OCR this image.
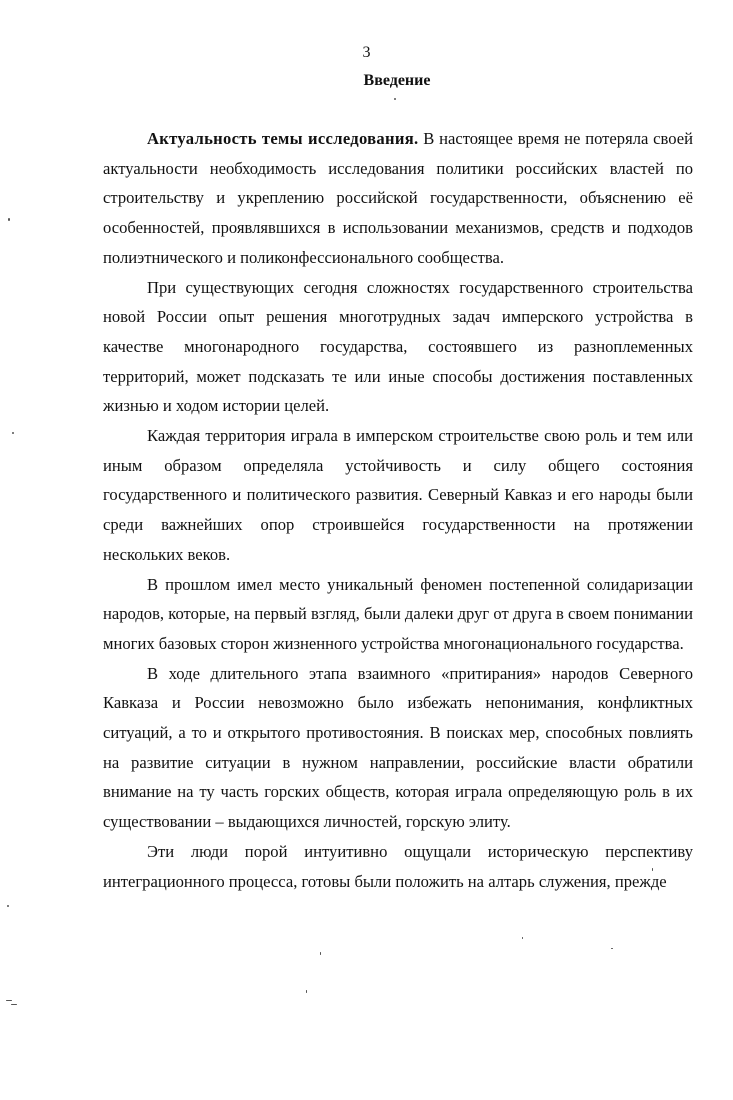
3
Введение

Актуальность темы исследования. В настоящее время не потеряла своей актуальности необходимость исследования политики российских властей по строительству и укреплению российской государственности, объяснению её особенностей, проявлявшихся в использовании механизмов, средств и подходов полиэтнического и поликонфессионального сообщества.

При существующих сегодня сложностях государственного строительства новой России опыт решения многотрудных задач имперского устройства в качестве многонародного государства, состоявшего из разноплеменных территорий, может подсказать те или иные способы достижения поставленных жизнью и ходом истории целей.

Каждая территория играла в имперском строительстве свою роль и тем или иным образом определяла устойчивость и силу общего состояния государственного и политического развития. Северный Кавказ и его народы были среди важнейших опор строившейся государственности на протяжении нескольких веков.

В прошлом имел место уникальный феномен постепенной солидаризации народов, которые, на первый взгляд, были далеки друг от друга в своем понимании многих базовых сторон жизненного устройства многонационального государства.

В ходе длительного этапа взаимного «притирания» народов Северного Кавказа и России невозможно было избежать непонимания, конфликтных ситуаций, а то и открытого противостояния. В поисках мер, способных повлиять на развитие ситуации в нужном направлении, российские власти обратили внимание на ту часть горских обществ, которая играла определяющую роль в их существовании – выдающихся личностей, горскую элиту.

Эти люди порой интуитивно ощущали историческую перспективу интеграционного процесса, готовы были положить на алтарь служения, прежде
